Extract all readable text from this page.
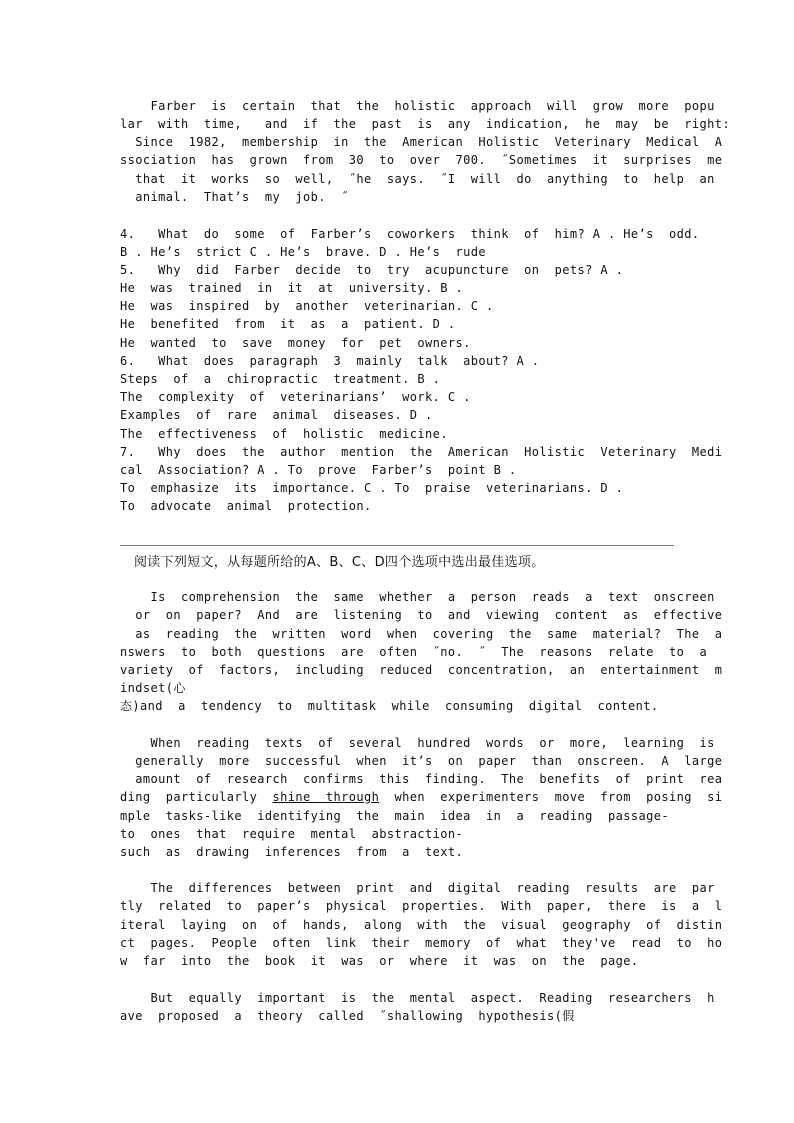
Farber  is  certain  that  the  holistic  approach  will  grow  more  popu
lar  with  time,   and  if  the  past  is  any  indication,  he  may  be  right:
Since  1982,  membership  in  the  American  Holistic  Veterinary  Medical  A
ssociation  has  grown  from  30  to  over  700.  ˝Sometimes  it  surprises  me
that  it  works  so  well,  ˝he  says.  ˝I  will  do  anything  to  help  an
animal.  That’s  my  job.  ˝
4.   What  do  some  of  Farber’s  coworkers  think  of  him? A . He’s  odd.
B . He’s  strict C . He’s  brave. D . He’s  rude
5.   Why  did  Farber  decide  to  try  acupuncture  on  pets? A .
He  was  trained  in  it  at  university. B .
He  was  inspired  by  another  veterinarian. C .
He  benefited  from  it  as  a  patient. D .
He  wanted  to  save  money  for  pet  owners.
6.   What  does  paragraph  3  mainly  talk  about? A .
Steps  of  a  chiropractic  treatment. B .
The  complexity  of  veterinarians’  work. C .
Examples  of  rare  animal  diseases. D .
The  effectiveness  of  holistic  medicine.
7.   Why  does  the  author  mention  the  American  Holistic  Veterinary  Medi
cal  Association? A . To  prove  Farber’s  point B .
To  emphasize  its  importance. C . To  praise  veterinarians. D .
To  advocate  animal  protection.
阅读下列短文，从每题所给的A、B、C、D四个选项中选出最佳选项。
Is  comprehension  the  same  whether  a  person  reads  a  text  onscreen
or  on  paper?  And  are  listening  to  and  viewing  content  as  effective
as  reading  the  written  word  when  covering  the  same  material?  The  a
nswers  to  both  questions  are  often  ˝no.  ˝  The  reasons  relate  to  a
variety  of  factors,  including  reduced  concentration,  an  entertainment  m
indset(心
态)and  a  tendency  to  multitask  while  consuming  digital  content.
When  reading  texts  of  several  hundred  words  or  more,  learning  is
generally  more  successful  when  it’s  on  paper  than  onscreen.  A  large
amount  of  research  confirms  this  finding.  The  benefits  of  print  rea
ding  particularly  shine  through  when  experimenters  move  from  posing  si
mple  tasks-like  identifying  the  main  idea  in  a  reading  passage-
to  ones  that  require  mental  abstraction-
such  as  drawing  inferences  from  a  text.
The  differences  between  print  and  digital  reading  results  are  par
tly  related  to  paper’s  physical  properties.  With  paper,  there  is  a  l
iteral  laying  on  of  hands,  along  with  the  visual  geography  of  distin
ct  pages.  People  often  link  their  memory  of  what  they've  read  to  ho
w  far  into  the  book  it  was  or  where  it  was  on  the  page.
But  equally  important  is  the  mental  aspect.  Reading  researchers  h
ave  proposed  a  theory  called  ˝shallowing  hypothesis(假
